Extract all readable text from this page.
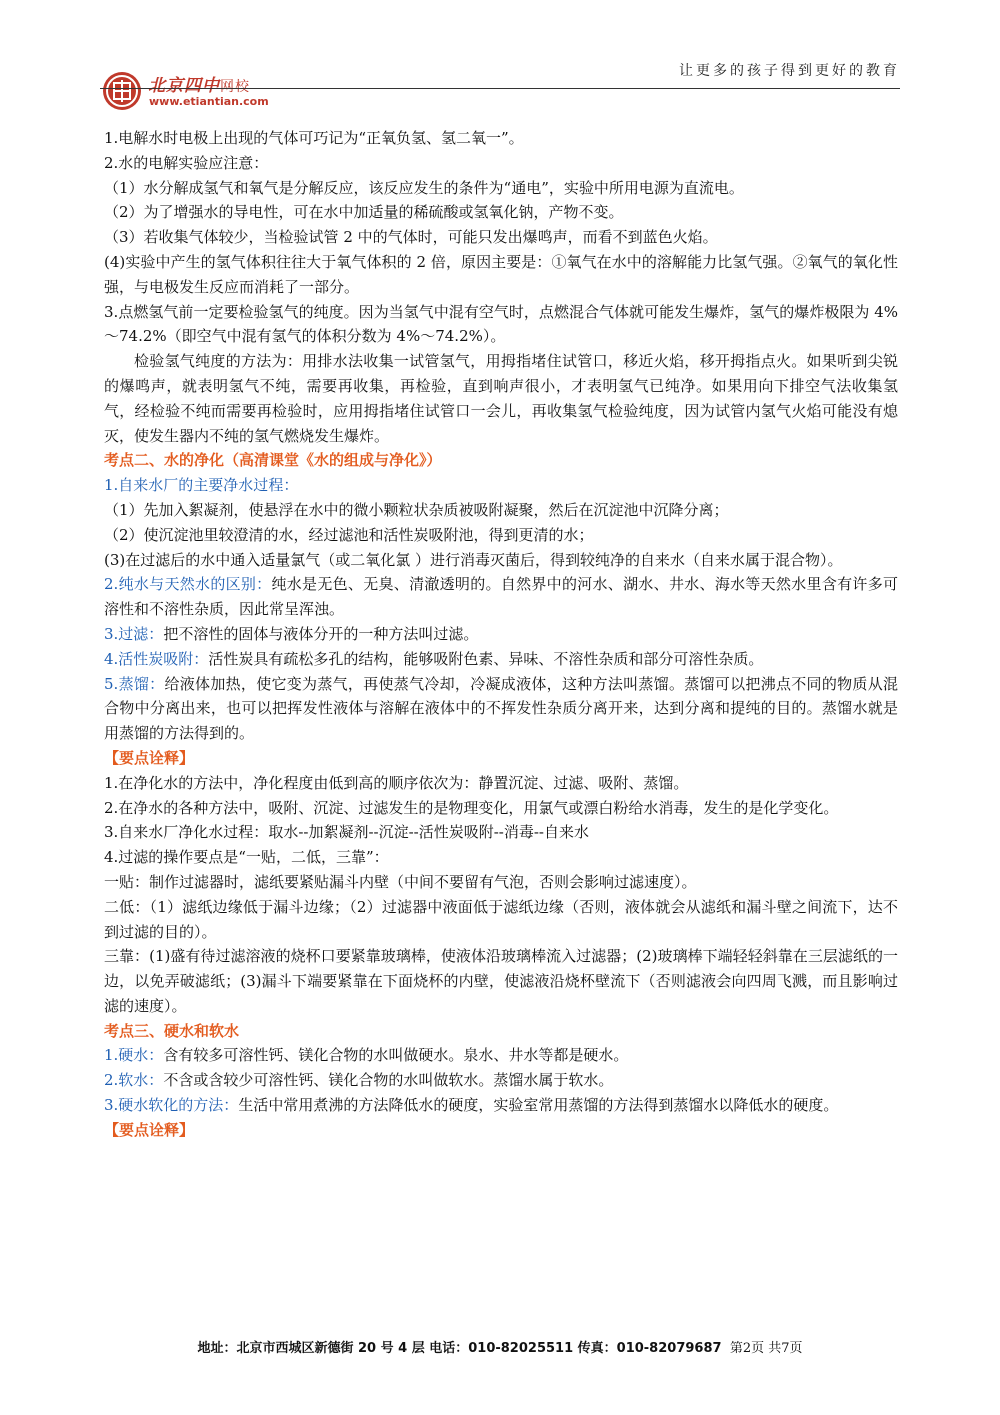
北京四中网校
www.etiantian.com
让更多的孩子得到更好的教育

1.电解水时电极上出现的气体可巧记为“正氧负氢、氢二氧一”。

2.水的电解实验应注意：

（1）水分解成氢气和氧气是分解反应，该反应发生的条件为“通电”，实验中所用电源为直流电。

（2）为了增强水的导电性，可在水中加适量的稀硫酸或氢氧化钠，产物不变。

（3）若收集气体较少，当检验试管 2 中的气体时，可能只发出爆鸣声，而看不到蓝色火焰。

(4)实验中产生的氢气体积往往大于氧气体积的 2 倍，原因主要是：①氧气在水中的溶解能力比氢气强。②氧气的氧化性强，与电极发生反应而消耗了一部分。

3.点燃氢气前一定要检验氢气的纯度。因为当氢气中混有空气时，点燃混合气体就可能发生爆炸，氢气的爆炸极限为 4%～74.2%（即空气中混有氢气的体积分数为 4%～74.2%）。

检验氢气纯度的方法为：用排水法收集一试管氢气，用拇指堵住试管口，移近火焰，移开拇指点火。如果听到尖锐的爆鸣声，就表明氢气不纯，需要再收集，再检验，直到响声很小，才表明氢气已纯净。如果用向下排空气法收集氢气，经检验不纯而需要再检验时，应用拇指堵住试管口一会儿，再收集氢气检验纯度，因为试管内氢气火焰可能没有熄灭，使发生器内不纯的氢气燃烧发生爆炸。

考点二、水的净化（高清课堂《水的组成与净化》）

1.自来水厂的主要净水过程：

（1）先加入絮凝剂，使悬浮在水中的微小颗粒状杂质被吸附凝聚，然后在沉淀池中沉降分离；

（2）使沉淀池里较澄清的水，经过滤池和活性炭吸附池，得到更清的水；

(3)在过滤后的水中通入适量氯气（或二氧化氯 ）进行消毒灭菌后，得到较纯净的自来水（自来水属于混合物）。

2.纯水与天然水的区别：纯水是无色、无臭、清澈透明的。自然界中的河水、湖水、井水、海水等天然水里含有许多可溶性和不溶性杂质，因此常呈浑浊。

3.过滤：把不溶性的固体与液体分开的一种方法叫过滤。

4.活性炭吸附：活性炭具有疏松多孔的结构，能够吸附色素、异味、不溶性杂质和部分可溶性杂质。

5.蒸馏：给液体加热，使它变为蒸气，再使蒸气冷却，冷凝成液体，这种方法叫蒸馏。蒸馏可以把沸点不同的物质从混合物中分离出来，也可以把挥发性液体与溶解在液体中的不挥发性杂质分离开来，达到分离和提纯的目的。蒸馏水就是用蒸馏的方法得到的。

【要点诠释】

1.在净化水的方法中，净化程度由低到高的顺序依次为：静置沉淀、过滤、吸附、蒸馏。

2.在净水的各种方法中，吸附、沉淀、过滤发生的是物理变化，用氯气或漂白粉给水消毒，发生的是化学变化。

3.自来水厂净化水过程：取水--加絮凝剂--沉淀--活性炭吸附--消毒--自来水

4.过滤的操作要点是“一贴，二低，三靠”：

一贴：制作过滤器时，滤纸要紧贴漏斗内壁（中间不要留有气泡，否则会影响过滤速度）。

二低：（1）滤纸边缘低于漏斗边缘；（2）过滤器中液面低于滤纸边缘（否则，液体就会从滤纸和漏斗壁之间流下，达不到过滤的目的）。

三靠：(1)盛有待过滤溶液的烧杯口要紧靠玻璃棒，使液体沿玻璃棒流入过滤器；(2)玻璃棒下端轻轻斜靠在三层滤纸的一边，以免弄破滤纸；(3)漏斗下端要紧靠在下面烧杯的内壁，使滤液沿烧杯壁流下（否则滤液会向四周飞溅，而且影响过滤的速度）。

考点三、硬水和软水

1.硬水：含有较多可溶性钙、镁化合物的水叫做硬水。泉水、井水等都是硬水。

2.软水：不含或含较少可溶性钙、镁化合物的水叫做软水。蒸馏水属于软水。

3.硬水软化的方法：生活中常用煮沸的方法降低水的硬度，实验室常用蒸馏的方法得到蒸馏水以降低水的硬度。

【要点诠释】

地址：北京市西城区新德街 20 号 4 层 电话：010-82025511 传真：010-82079687 第2页 共7页
